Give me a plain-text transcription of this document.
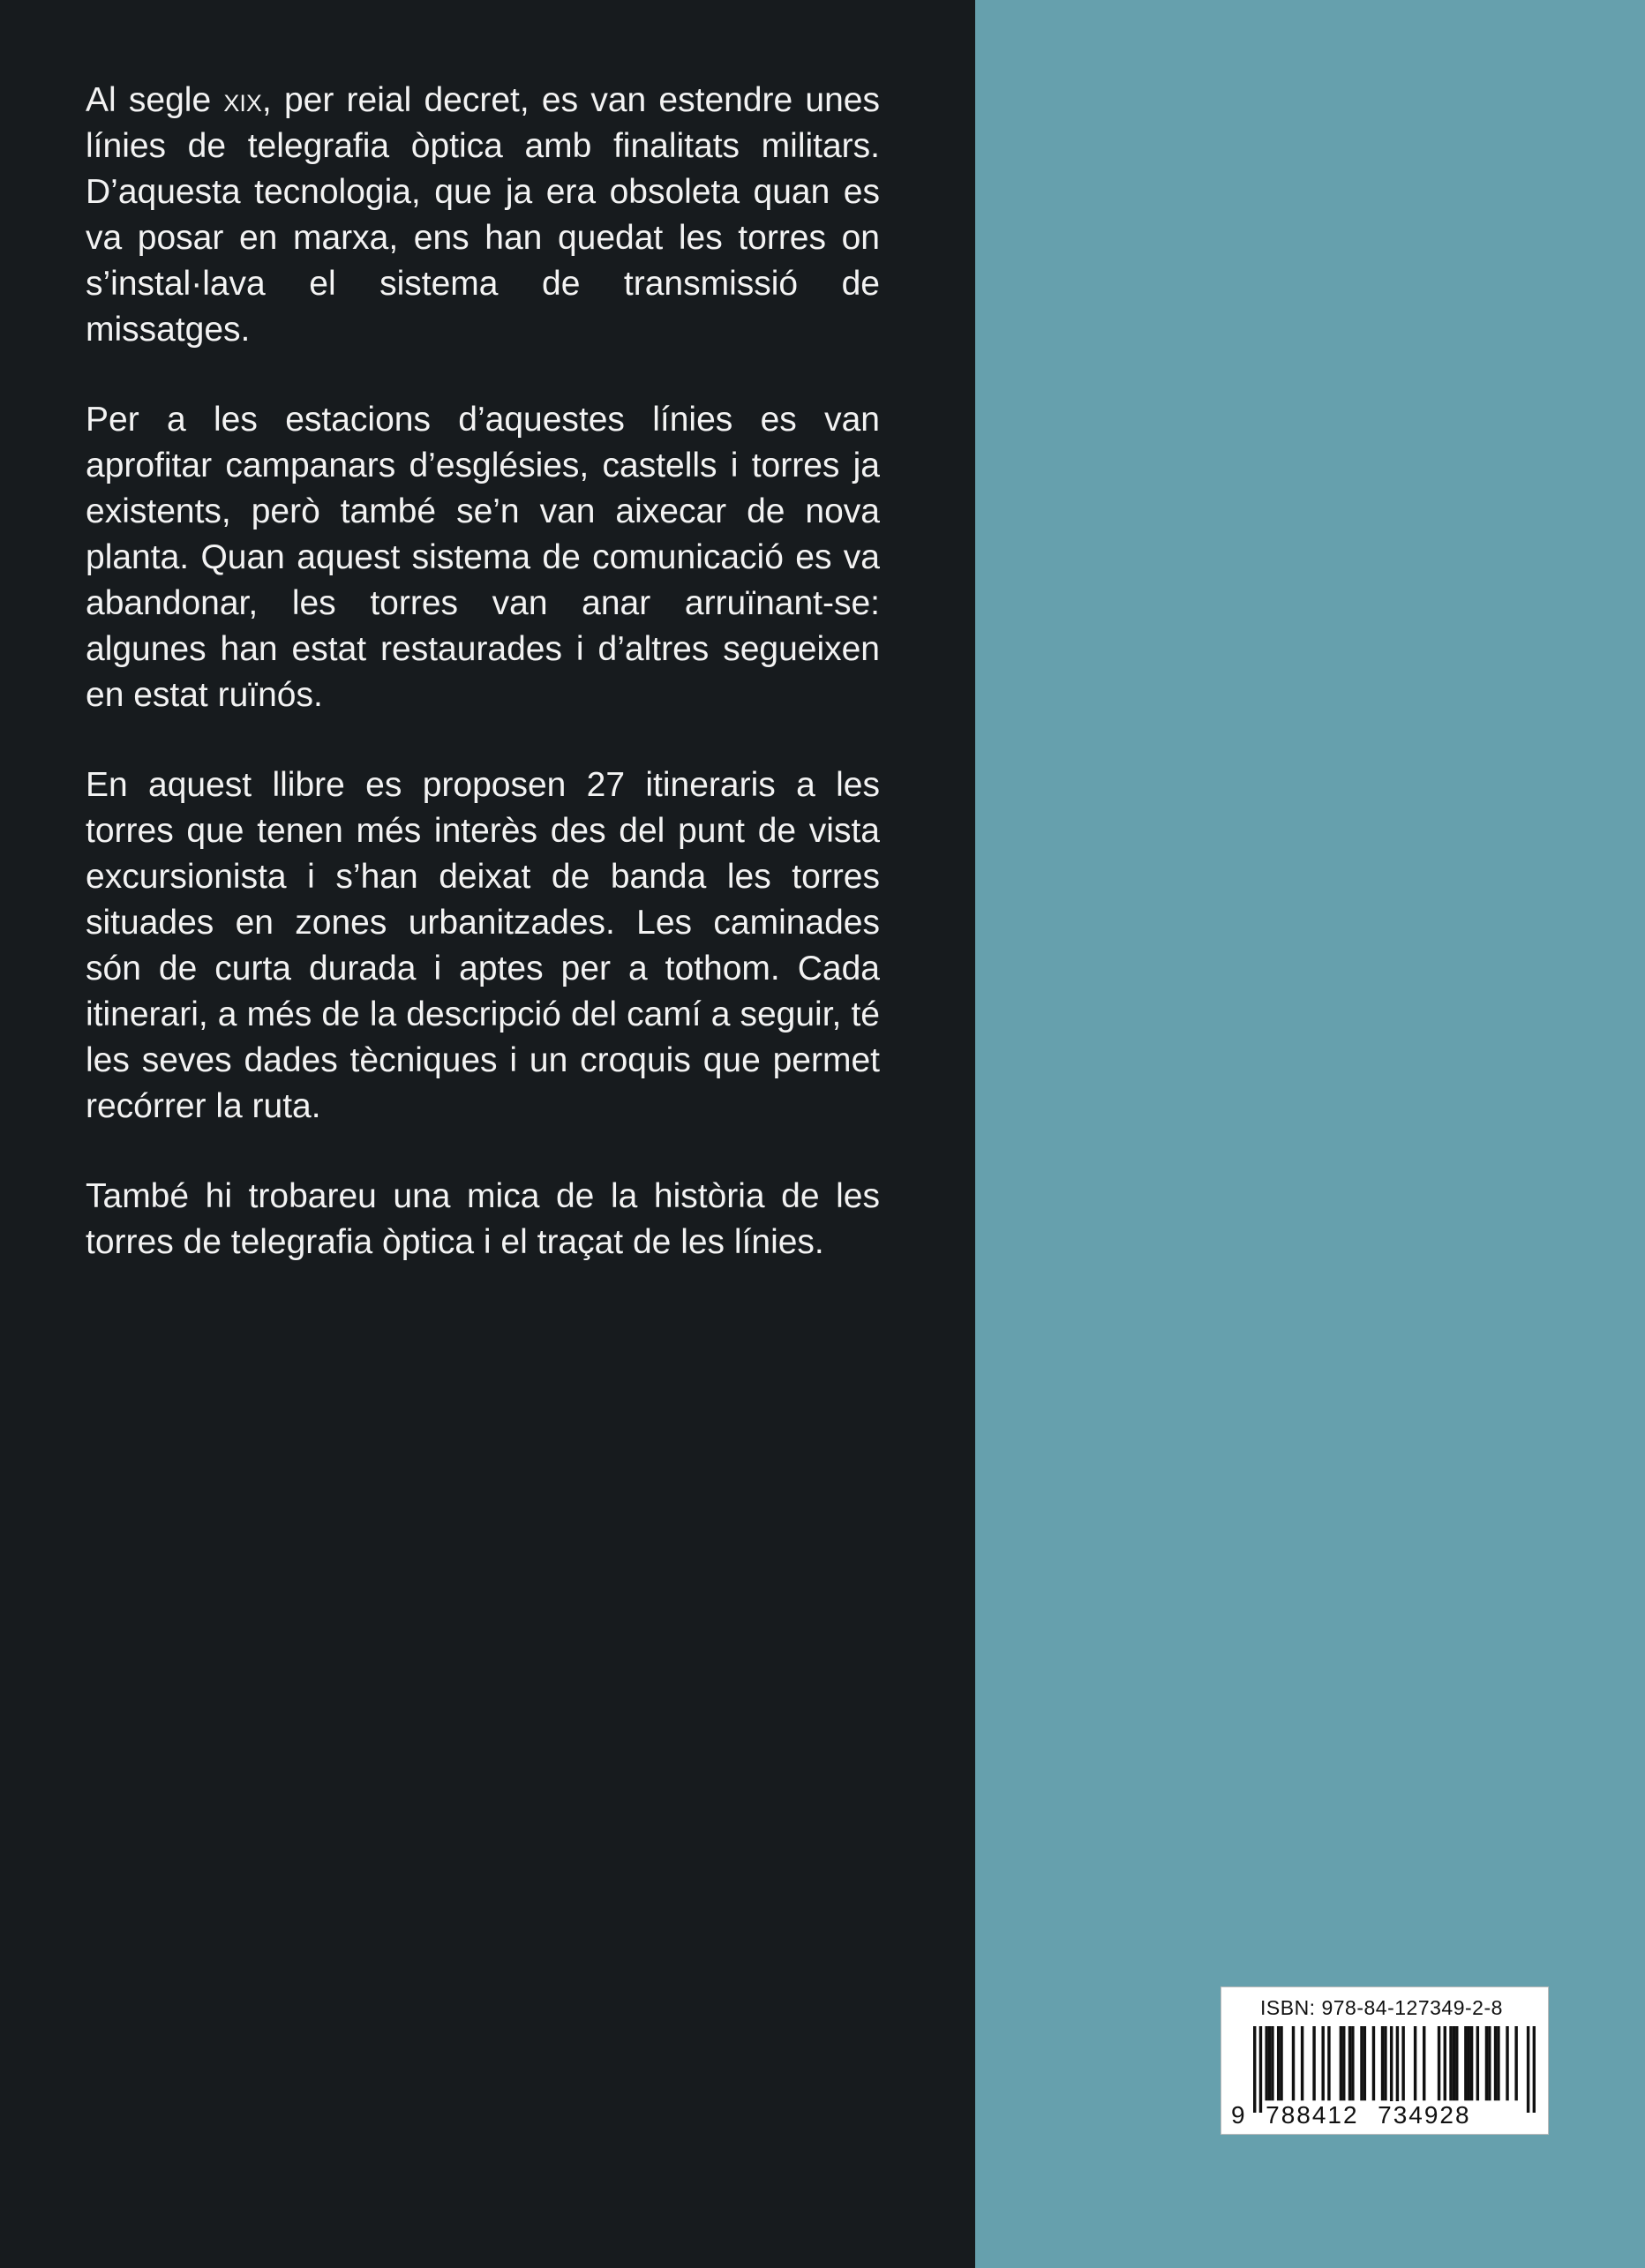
Al segle xix, per reial decret, es van estendre unes línies de telegrafia òptica amb finalitats militars. D’aquesta tecnologia, que ja era obsoleta quan es va posar en marxa, ens han quedat les torres on s’instal·lava el sistema de transmissió de missatges.

Per a les estacions d’aquestes línies es van aprofitar campanars d’esglésies, castells i torres ja existents, però també se’n van aixecar de nova planta. Quan aquest sistema de comunicació es va abandonar, les torres van anar arruïnant-se: algunes han estat restaurades i d’altres segueixen en estat ruïnós.

En aquest llibre es proposen 27 itineraris a les torres que tenen més interès des del punt de vista excursionista i s’han deixat de banda les torres situades en zones urbanitzades. Les caminades són de curta durada i aptes per a tothom. Cada itinerari, a més de la descripció del camí a seguir, té les seves dades tècniques i un croquis que permet recórrer la ruta.

També hi trobareu una mica de la història de les torres de telegrafia òptica i el traçat de les línies.

ISBN: 978-84-127349-2-8
9 788412 734928
